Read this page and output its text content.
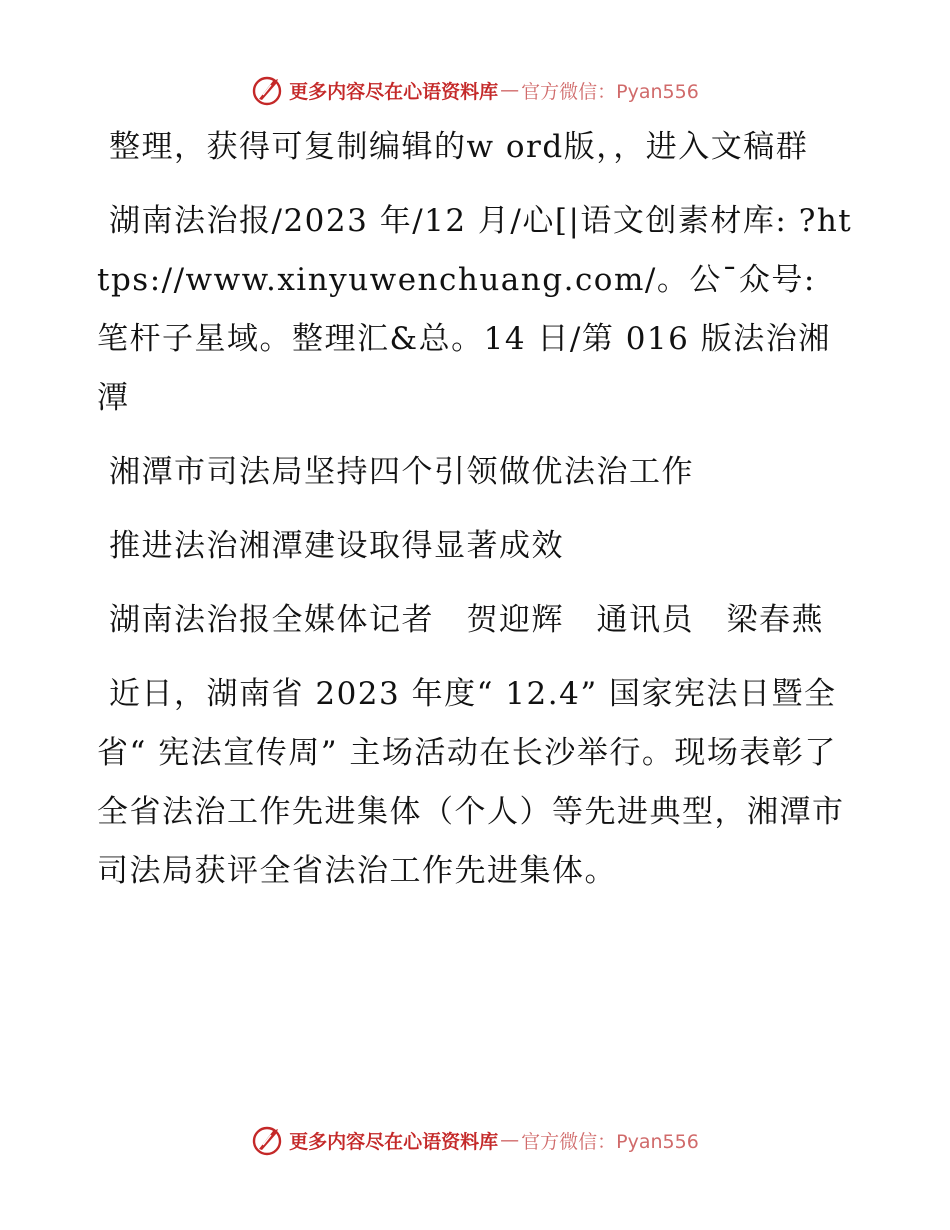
更多内容尽在心语资料库 — 官方微信：Pyan556

整理，获得可复制编辑的w ord版，，进入文稿群

湖南法治报/2023 年/12 月/心[|语文创素材库: ?https://www.xinyuwenchuang.com/。公¯众号: 笔杆子星域。整理汇&总。14 日/第 016 版法治湘潭

湘潭市司法局坚持四个引领做优法治工作

推进法治湘潭建设取得显著成效

湖南法治报全媒体记者　贺迎辉　通讯员　梁春燕

近日，湖南省 2023 年度“ 12.4” 国家宪法日暨全省“ 宪法宣传周” 主场活动在长沙举行。现场表彰了全省法治工作先进集体（个人）等先进典型，湘潭市司法局获评全省法治工作先进集体。

更多内容尽在心语资料库 — 官方微信：Pyan556
